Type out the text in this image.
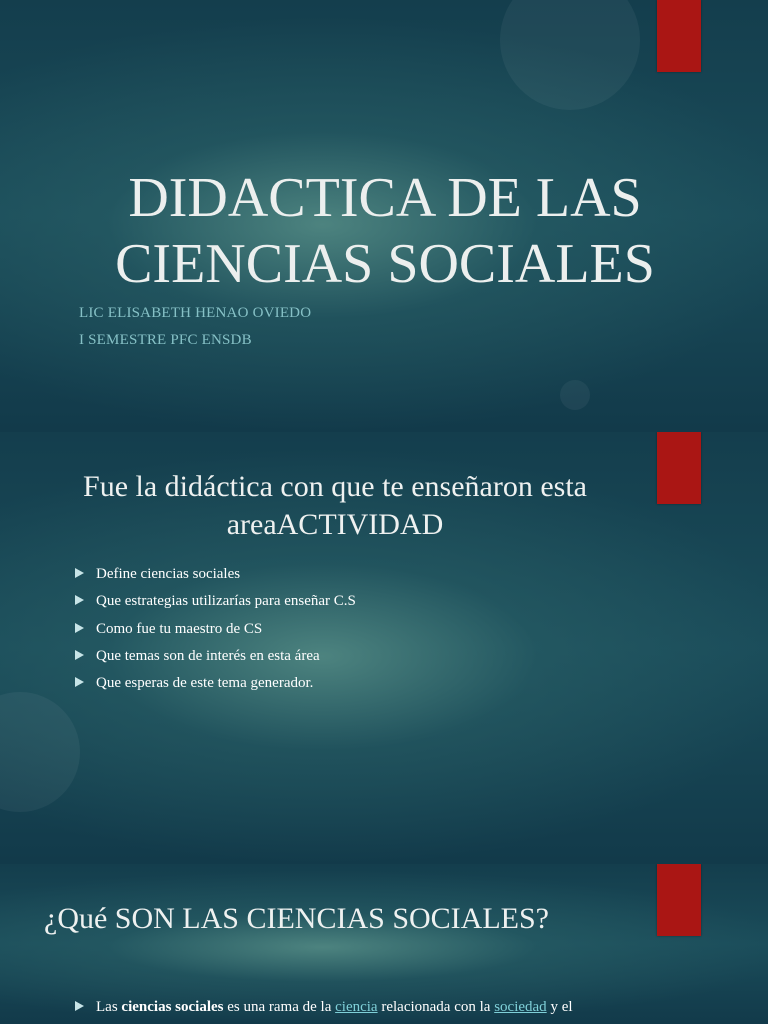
DIDACTICA DE LAS CIENCIAS SOCIALES

LIC ELISABETH HENAO OVIEDO

I SEMESTRE PFC ENSDB

Fue la didáctica con que te enseñaron esta areaACTIVIDAD
Define ciencias sociales
Que estrategias utilizarías para enseñar C.S
Como fue tu maestro de CS
Que temas son de interés en esta área
Que esperas de este tema generador.
¿Qué SON LAS CIENCIAS SOCIALES?
Las ciencias sociales es una rama de la ciencia relacionada con la sociedad y el
